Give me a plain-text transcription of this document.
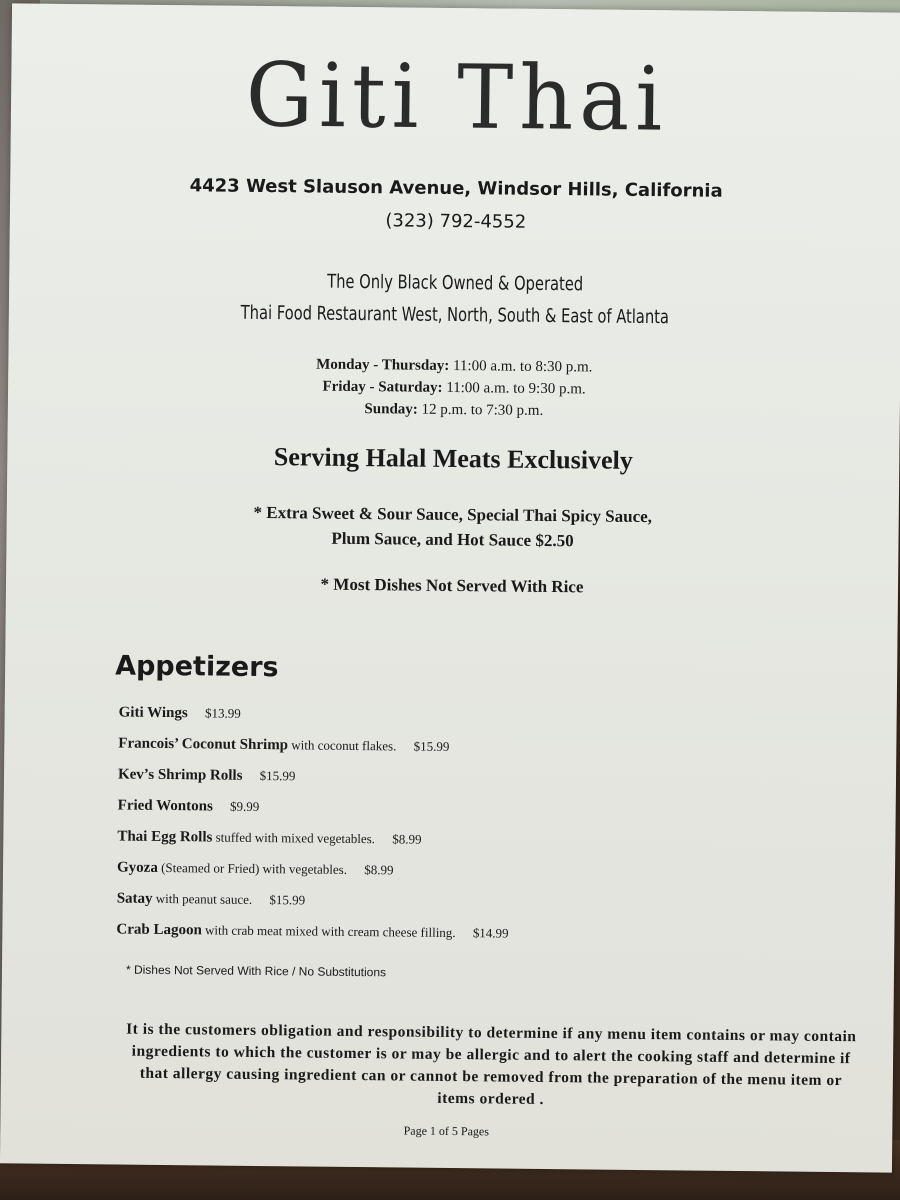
Giti Thai
4423 West Slauson Avenue, Windsor Hills, California
(323) 792-4552
The Only Black Owned & Operated
Thai Food Restaurant West, North, South & East of Atlanta
Monday - Thursday: 11:00 a.m. to 8:30 p.m.
Friday - Saturday: 11:00 a.m. to 9:30 p.m.
Sunday: 12 p.m. to 7:30 p.m.
Serving Halal Meats Exclusively
* Extra Sweet & Sour Sauce, Special Thai Spicy Sauce,
Plum Sauce, and Hot Sauce $2.50
* Most Dishes Not Served With Rice
Appetizers
Giti Wings $13.99
Francois’ Coconut Shrimp with coconut flakes. $15.99
Kev’s Shrimp Rolls $15.99
Fried Wontons $9.99
Thai Egg Rolls stuffed with mixed vegetables. $8.99
Gyoza (Steamed or Fried) with vegetables. $8.99
Satay with peanut sauce. $15.99
Crab Lagoon with crab meat mixed with cream cheese filling. $14.99
* Dishes Not Served With Rice / No Substitutions
It is the customers obligation and responsibility to determine if any menu item contains or may contain ingredients to which the customer is or may be allergic and to alert the cooking staff and determine if that allergy causing ingredient can or cannot be removed from the preparation of the menu item or items ordered .
Page 1 of 5 Pages
